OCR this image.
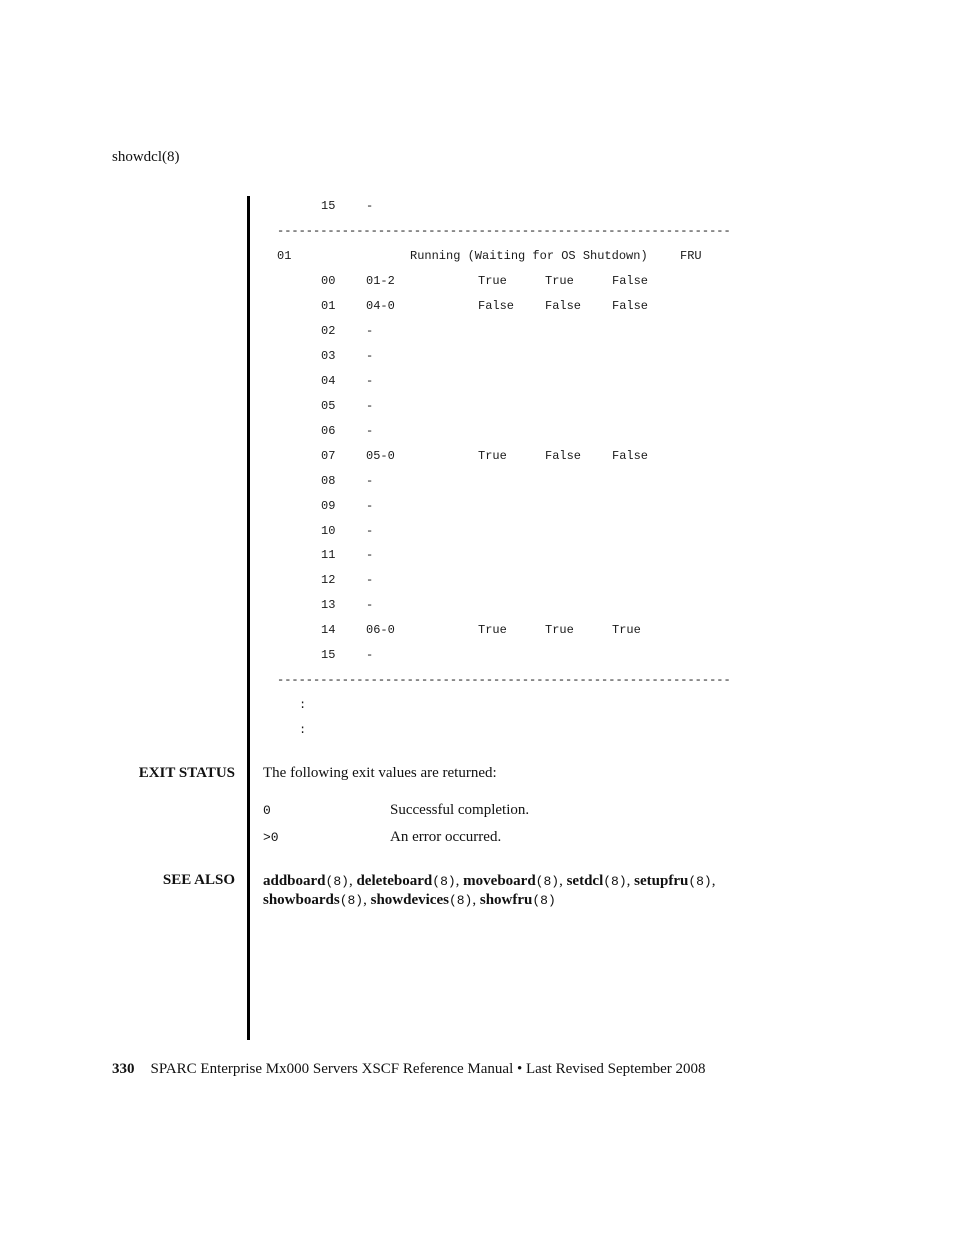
showdcl(8)
15	-
---------------------------------------------------------------
01	Running (Waiting for OS Shutdown)	FRU
00	01-2	True	True	False
01	04-0	False	False	False
02	-
03	-
04	-
05	-
06	-
07	05-0	True	False	False
08	-
09	-
10	-
11	-
12	-
13	-
14	06-0	True	True	True
15	-
---------------------------------------------------------------
:
:
EXIT STATUS The following exit values are returned:
0	Successful completion.
>0	An error occurred.
SEE ALSO addboard(8), deleteboard(8), moveboard(8), setdcl(8), setupfru(8),
showboards(8), showdevices(8), showfru(8)
330 SPARC Enterprise Mx000 Servers XSCF Reference Manual • Last Revised September 2008
